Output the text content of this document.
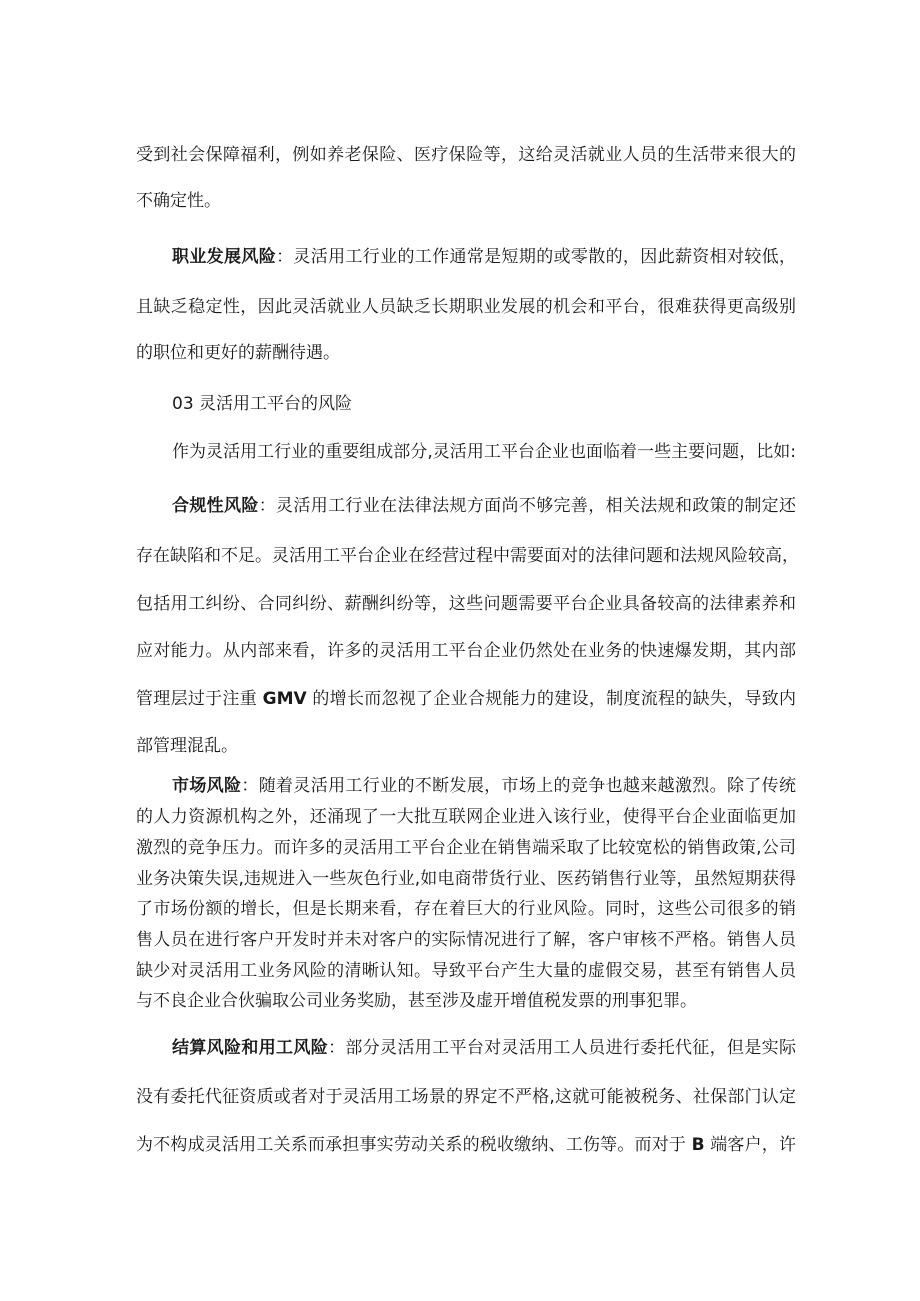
受到社会保障福利，例如养老保险、医疗保险等，这给灵活就业人员的生活带来很大的
不确定性。
职业发展风险：灵活用工行业的工作通常是短期的或零散的，因此薪资相对较低，
且缺乏稳定性，因此灵活就业人员缺乏长期职业发展的机会和平台，很难获得更高级别
的职位和更好的薪酬待遇。
03 灵活用工平台的风险
作为灵活用工行业的重要组成部分,灵活用工平台企业也面临着一些主要问题，比如:
合规性风险：灵活用工行业在法律法规方面尚不够完善，相关法规和政策的制定还
存在缺陷和不足。灵活用工平台企业在经营过程中需要面对的法律问题和法规风险较高，
包括用工纠纷、合同纠纷、薪酬纠纷等，这些问题需要平台企业具备较高的法律素养和
应对能力。从内部来看，许多的灵活用工平台企业仍然处在业务的快速爆发期，其内部
管理层过于注重 GMV 的增长而忽视了企业合规能力的建设，制度流程的缺失，导致内
部管理混乱。
市场风险：随着灵活用工行业的不断发展，市场上的竞争也越来越激烈。除了传统
的人力资源机构之外，还涌现了一大批互联网企业进入该行业，使得平台企业面临更加
激烈的竞争压力。而许多的灵活用工平台企业在销售端采取了比较宽松的销售政策,公司
业务决策失误,违规进入一些灰色行业,如电商带货行业、医药销售行业等，虽然短期获得
了市场份额的增长，但是长期来看，存在着巨大的行业风险。同时，这些公司很多的销
售人员在进行客户开发时并未对客户的实际情况进行了解，客户审核不严格。销售人员
缺少对灵活用工业务风险的清晰认知。导致平台产生大量的虚假交易，甚至有销售人员
与不良企业合伙骗取公司业务奖励，甚至涉及虚开增值税发票的刑事犯罪。
结算风险和用工风险：部分灵活用工平台对灵活用工人员进行委托代征，但是实际
没有委托代征资质或者对于灵活用工场景的界定不严格,这就可能被税务、社保部门认定
为不构成灵活用工关系而承担事实劳动关系的税收缴纳、工伤等。而对于 B 端客户，许
